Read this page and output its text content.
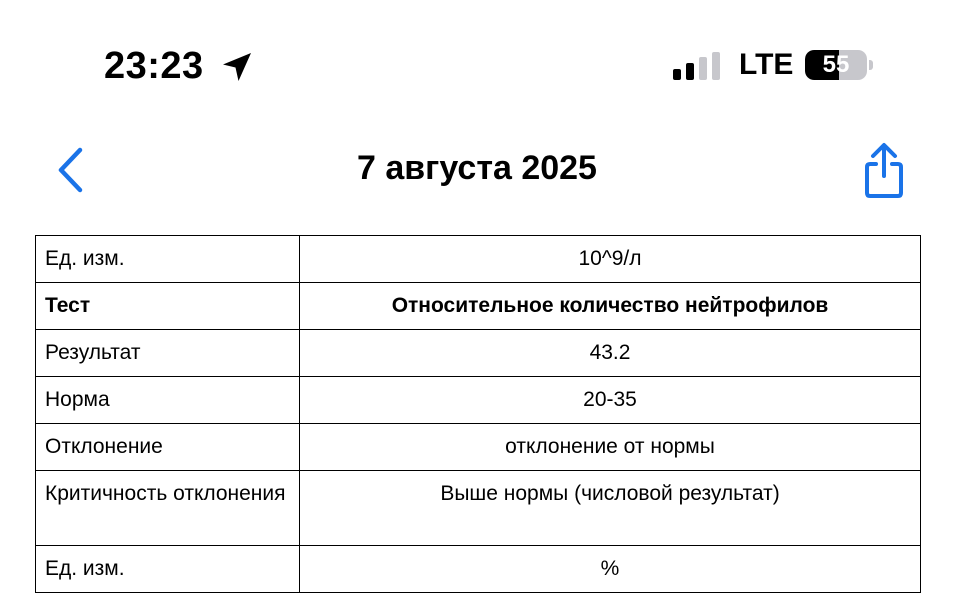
23:23	LTE	55
7 августа 2025
Ед. изм.	10^9/л
Тест	Относительное количество нейтрофилов
Результат	43.2
Норма	20-35
Отклонение	отклонение от нормы
Критичность отклонения	Выше нормы (числовой результат)
Ед. изм.	%
